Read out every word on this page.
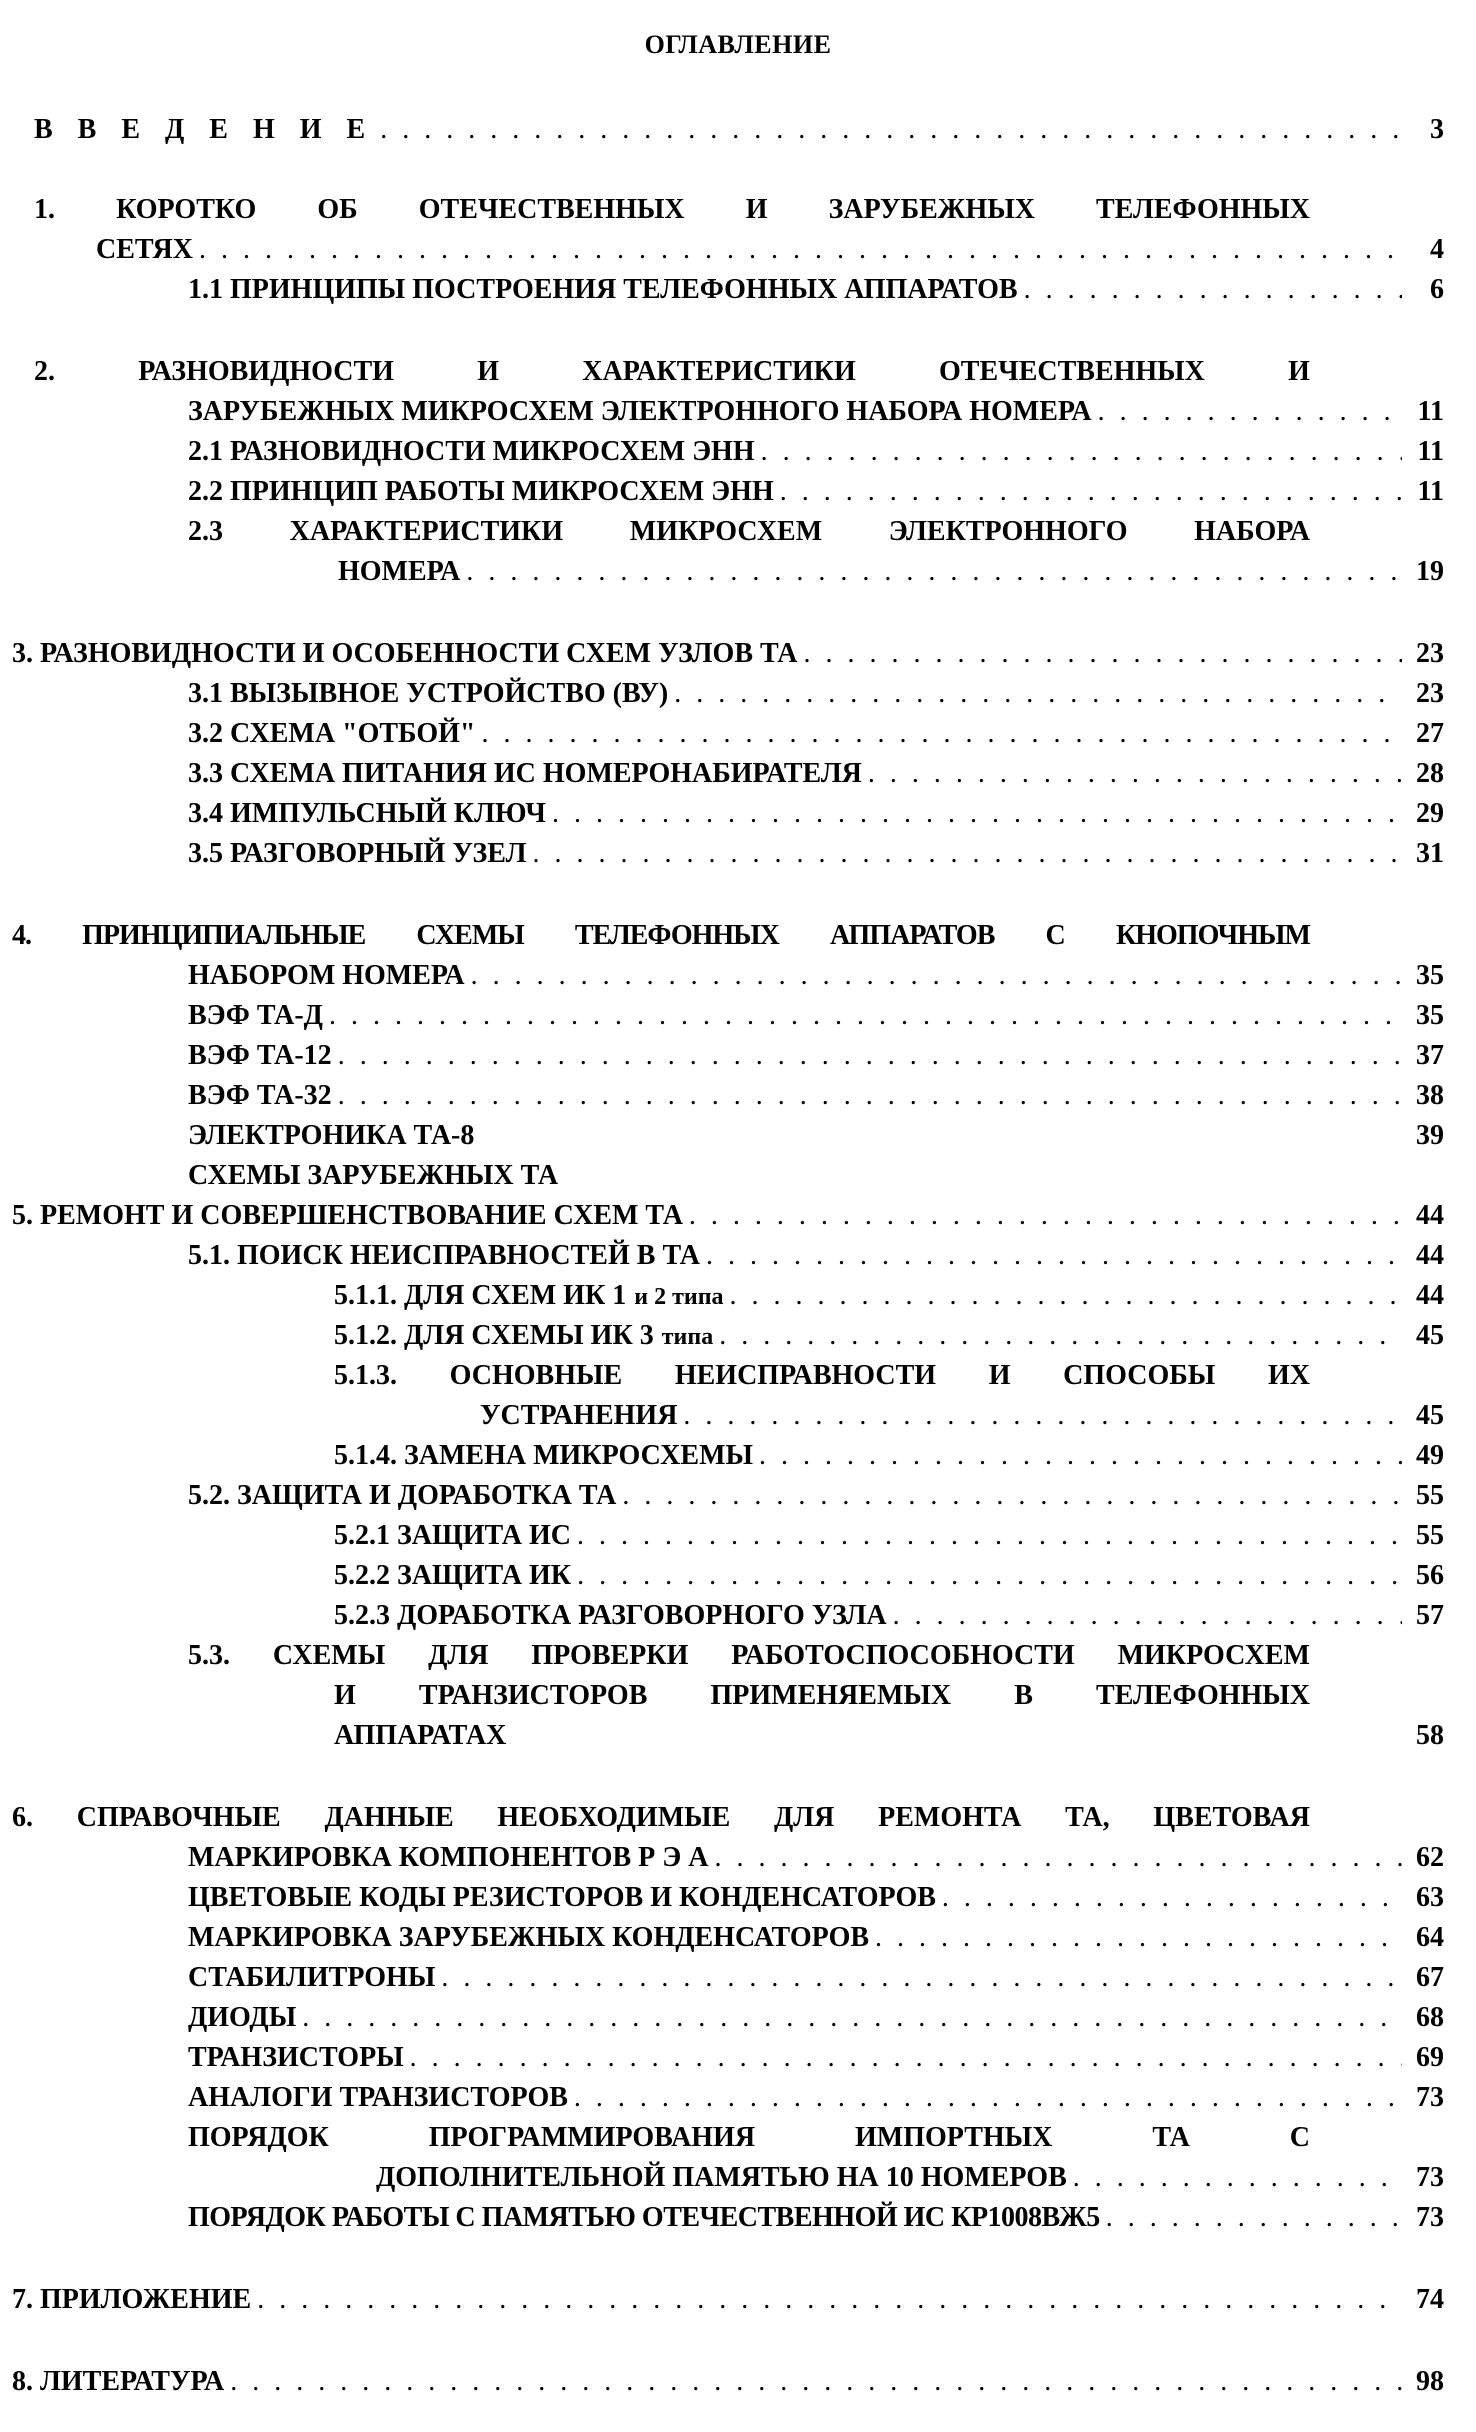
ОГЛАВЛЕНИЕ
В В Е Д Е Н И Е . . .	3
1. КОРОТКО ОБ ОТЕЧЕСТВЕННЫХ И ЗАРУБЕЖНЫХ ТЕЛЕФОННЫХ
СЕТЯХ . . .	4
1.1 ПРИНЦИПЫ ПОСТРОЕНИЯ ТЕЛЕФОННЫХ АППАРАТОВ . . .	6
2.	РАЗНОВИДНОСТИ	И	ХАРАКТЕРИСТИКИ	ОТЕЧЕСТВЕННЫХ	И
ЗАРУБЕЖНЫХ МИКРОСХЕМ ЭЛЕКТРОННОГО НАБОРА НОМЕРА . . .	11
2.1 РАЗНОВИДНОСТИ МИКРОСХЕМ ЭНН . . .	11
2.2 ПРИНЦИП РАБОТЫ МИКРОСХЕМ ЭНН . . .	11
2.3 ХАРАКТЕРИСТИКИ МИКРОСХЕМ ЭЛЕКТРОННОГО НАБОРА
НОМЕРА . . .	19
3. РАЗНОВИДНОСТИ И ОСОБЕННОСТИ СХЕМ УЗЛОВ ТА . . .	23
3.1 ВЫЗЫВНОЕ УСТРОЙСТВО (ВУ) . . .	23
3.2 СХЕМА "ОТБОЙ" . . .	27
3.3 СХЕМА ПИТАНИЯ ИС НОМЕРОНАБИРАТЕЛЯ . . .	28
3.4 ИМПУЛЬСНЫЙ КЛЮЧ . . .	29
3.5 РАЗГОВОРНЫЙ УЗЕЛ . . .	31
4. ПРИНЦИПИАЛЬНЫЕ СХЕМЫ ТЕЛЕФОННЫХ АППАРАТОВ С КНОПОЧНЫМ
НАБОРОМ НОМЕРА . . .	35
ВЭФ ТА-Д . . .	35
ВЭФ ТА-12 . . .	37
ВЭФ ТА-32 . . .	38
ЭЛЕКТРОНИКА ТА-8	39
СХЕМЫ ЗАРУБЕЖНЫХ ТА
5. РЕМОНТ И СОВЕРШЕНСТВОВАНИЕ СХЕМ ТА . . .	44
5.1. ПОИСК НЕИСПРАВНОСТЕЙ В ТА . . .	44
5.1.1. ДЛЯ СХЕМ ИК 1 и 2 типа . . .	44
5.1.2. ДЛЯ СХЕМЫ ИК 3 типа . . .	45
5.1.3. ОСНОВНЫЕ НЕИСПРАВНОСТИ И СПОСОБЫ ИХ
УСТРАНЕНИЯ . . .	45
5.1.4. ЗАМЕНА МИКРОСХЕМЫ . . .	49
5.2. ЗАЩИТА И ДОРАБОТКА ТА . . .	55
5.2.1 ЗАЩИТА ИС . . .	55
5.2.2 ЗАЩИТА ИК . . .	56
5.2.3 ДОРАБОТКА РАЗГОВОРНОГО УЗЛА . . .	57
5.3. СХЕМЫ ДЛЯ ПРОВЕРКИ РАБОТОСПОСОБНОСТИ МИКРОСХЕМ
И ТРАНЗИСТОРОВ ПРИМЕНЯЕМЫХ В ТЕЛЕФОННЫХ
АППАРАТАХ	58
6. СПРАВОЧНЫЕ ДАННЫЕ НЕОБХОДИМЫЕ ДЛЯ РЕМОНТА ТА, ЦВЕТОВАЯ
МАРКИРОВКА КОМПОНЕНТОВ Р Э А . . .	62
ЦВЕТОВЫЕ КОДЫ РЕЗИСТОРОВ И КОНДЕНСАТОРОВ . . .	63
МАРКИРОВКА ЗАРУБЕЖНЫХ КОНДЕНСАТОРОВ . . .	64
СТАБИЛИТРОНЫ . . .	67
ДИОДЫ . . .	68
ТРАНЗИСТОРЫ . . .	69
АНАЛОГИ ТРАНЗИСТОРОВ . . .	73
ПОРЯДОК	ПРОГРАММИРОВАНИЯ	ИМПОРТНЫХ	ТА	С
ДОПОЛНИТЕЛЬНОЙ ПАМЯТЬЮ НА 10 НОМЕРОВ . . .	73
ПОРЯДОК РАБОТЫ С ПАМЯТЬЮ ОТЕЧЕСТВЕННОЙ ИС КР1008ВЖ5 . . .	73
7. ПРИЛОЖЕНИЕ . . .	74
8. ЛИТЕРАТУРА . . .	98
